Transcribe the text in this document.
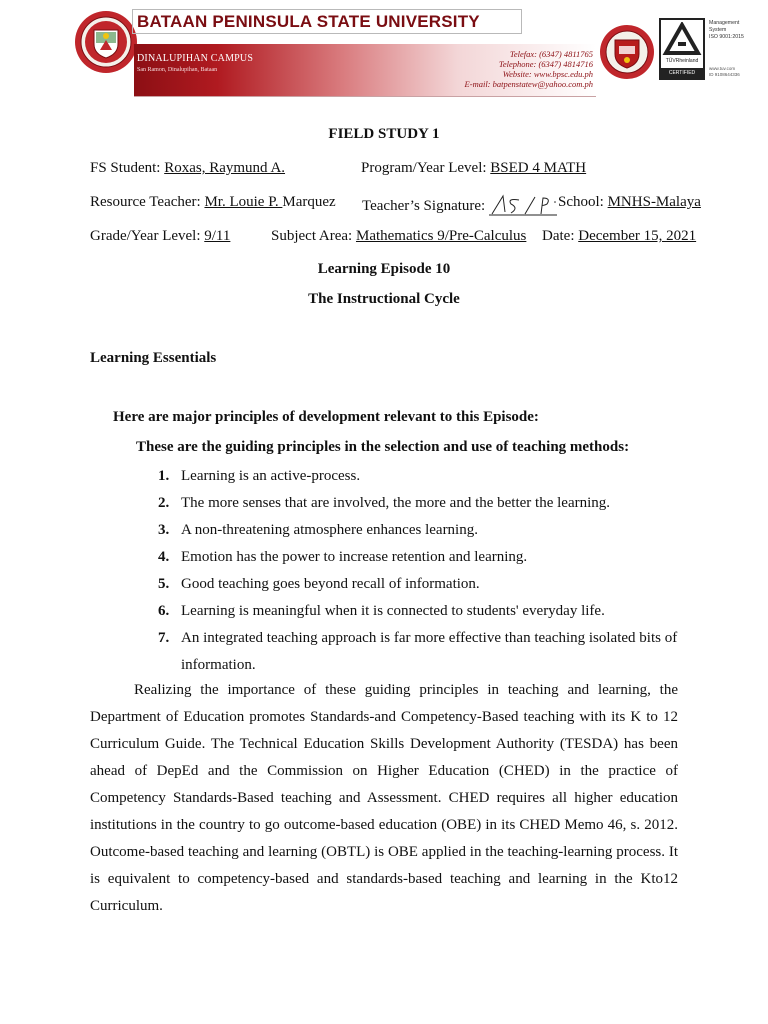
BATAAN PENINSULA STATE UNIVERSITY
DINALUPIHAN CAMPUS
San Ramon, Dinalupihan, Bataan
Telefax: (6347) 4811765
Telephone: (6347) 4814716
Website: www.bpsc.edu.ph
E-mail: batpenstatew@yahoo.com.ph
TÜVRheinland
CERTIFIED
Management
System
ISO 9001:2015
www.tuv.com
ID 9108644336
FIELD STUDY 1
FS Student: Roxas, Raymund A.	Program/Year Level: BSED 4 MATH
Resource Teacher: Mr. Louie P. Marquez Teacher’s Signature:	School: MNHS-Malaya
Grade/Year Level: 9/11	Subject Area: Mathematics 9/Pre-Calculus Date: December 15, 2021
Learning Episode 10
The Instructional Cycle
Learning Essentials
Here are major principles of development relevant to this Episode:
These are the guiding principles in the selection and use of teaching methods:
1. Learning is an active-process.
2. The more senses that are involved, the more and the better the learning.
3. A non-threatening atmosphere enhances learning.
4. Emotion has the power to increase retention and learning.
5. Good teaching goes beyond recall of information.
6. Learning is meaningful when it is connected to students' everyday life.
7. An integrated teaching approach is far more effective than teaching isolated bits of information.
Realizing the importance of these guiding principles in teaching and learning, the Department of Education promotes Standards-and Competency-Based teaching with its K to 12 Curriculum Guide. The Technical Education Skills Development Authority (TESDA) has been ahead of DepEd and the Commission on Higher Education (CHED) in the practice of Competency Standards-Based teaching and Assessment. CHED requires all higher education institutions in the country to go outcome-based education (OBE) in its CHED Memo 46, s. 2012. Outcome-based teaching and learning (OBTL) is OBE applied in the teaching-learning process. It is equivalent to competency-based and standards-based teaching and learning in the Kto12 Curriculum.
